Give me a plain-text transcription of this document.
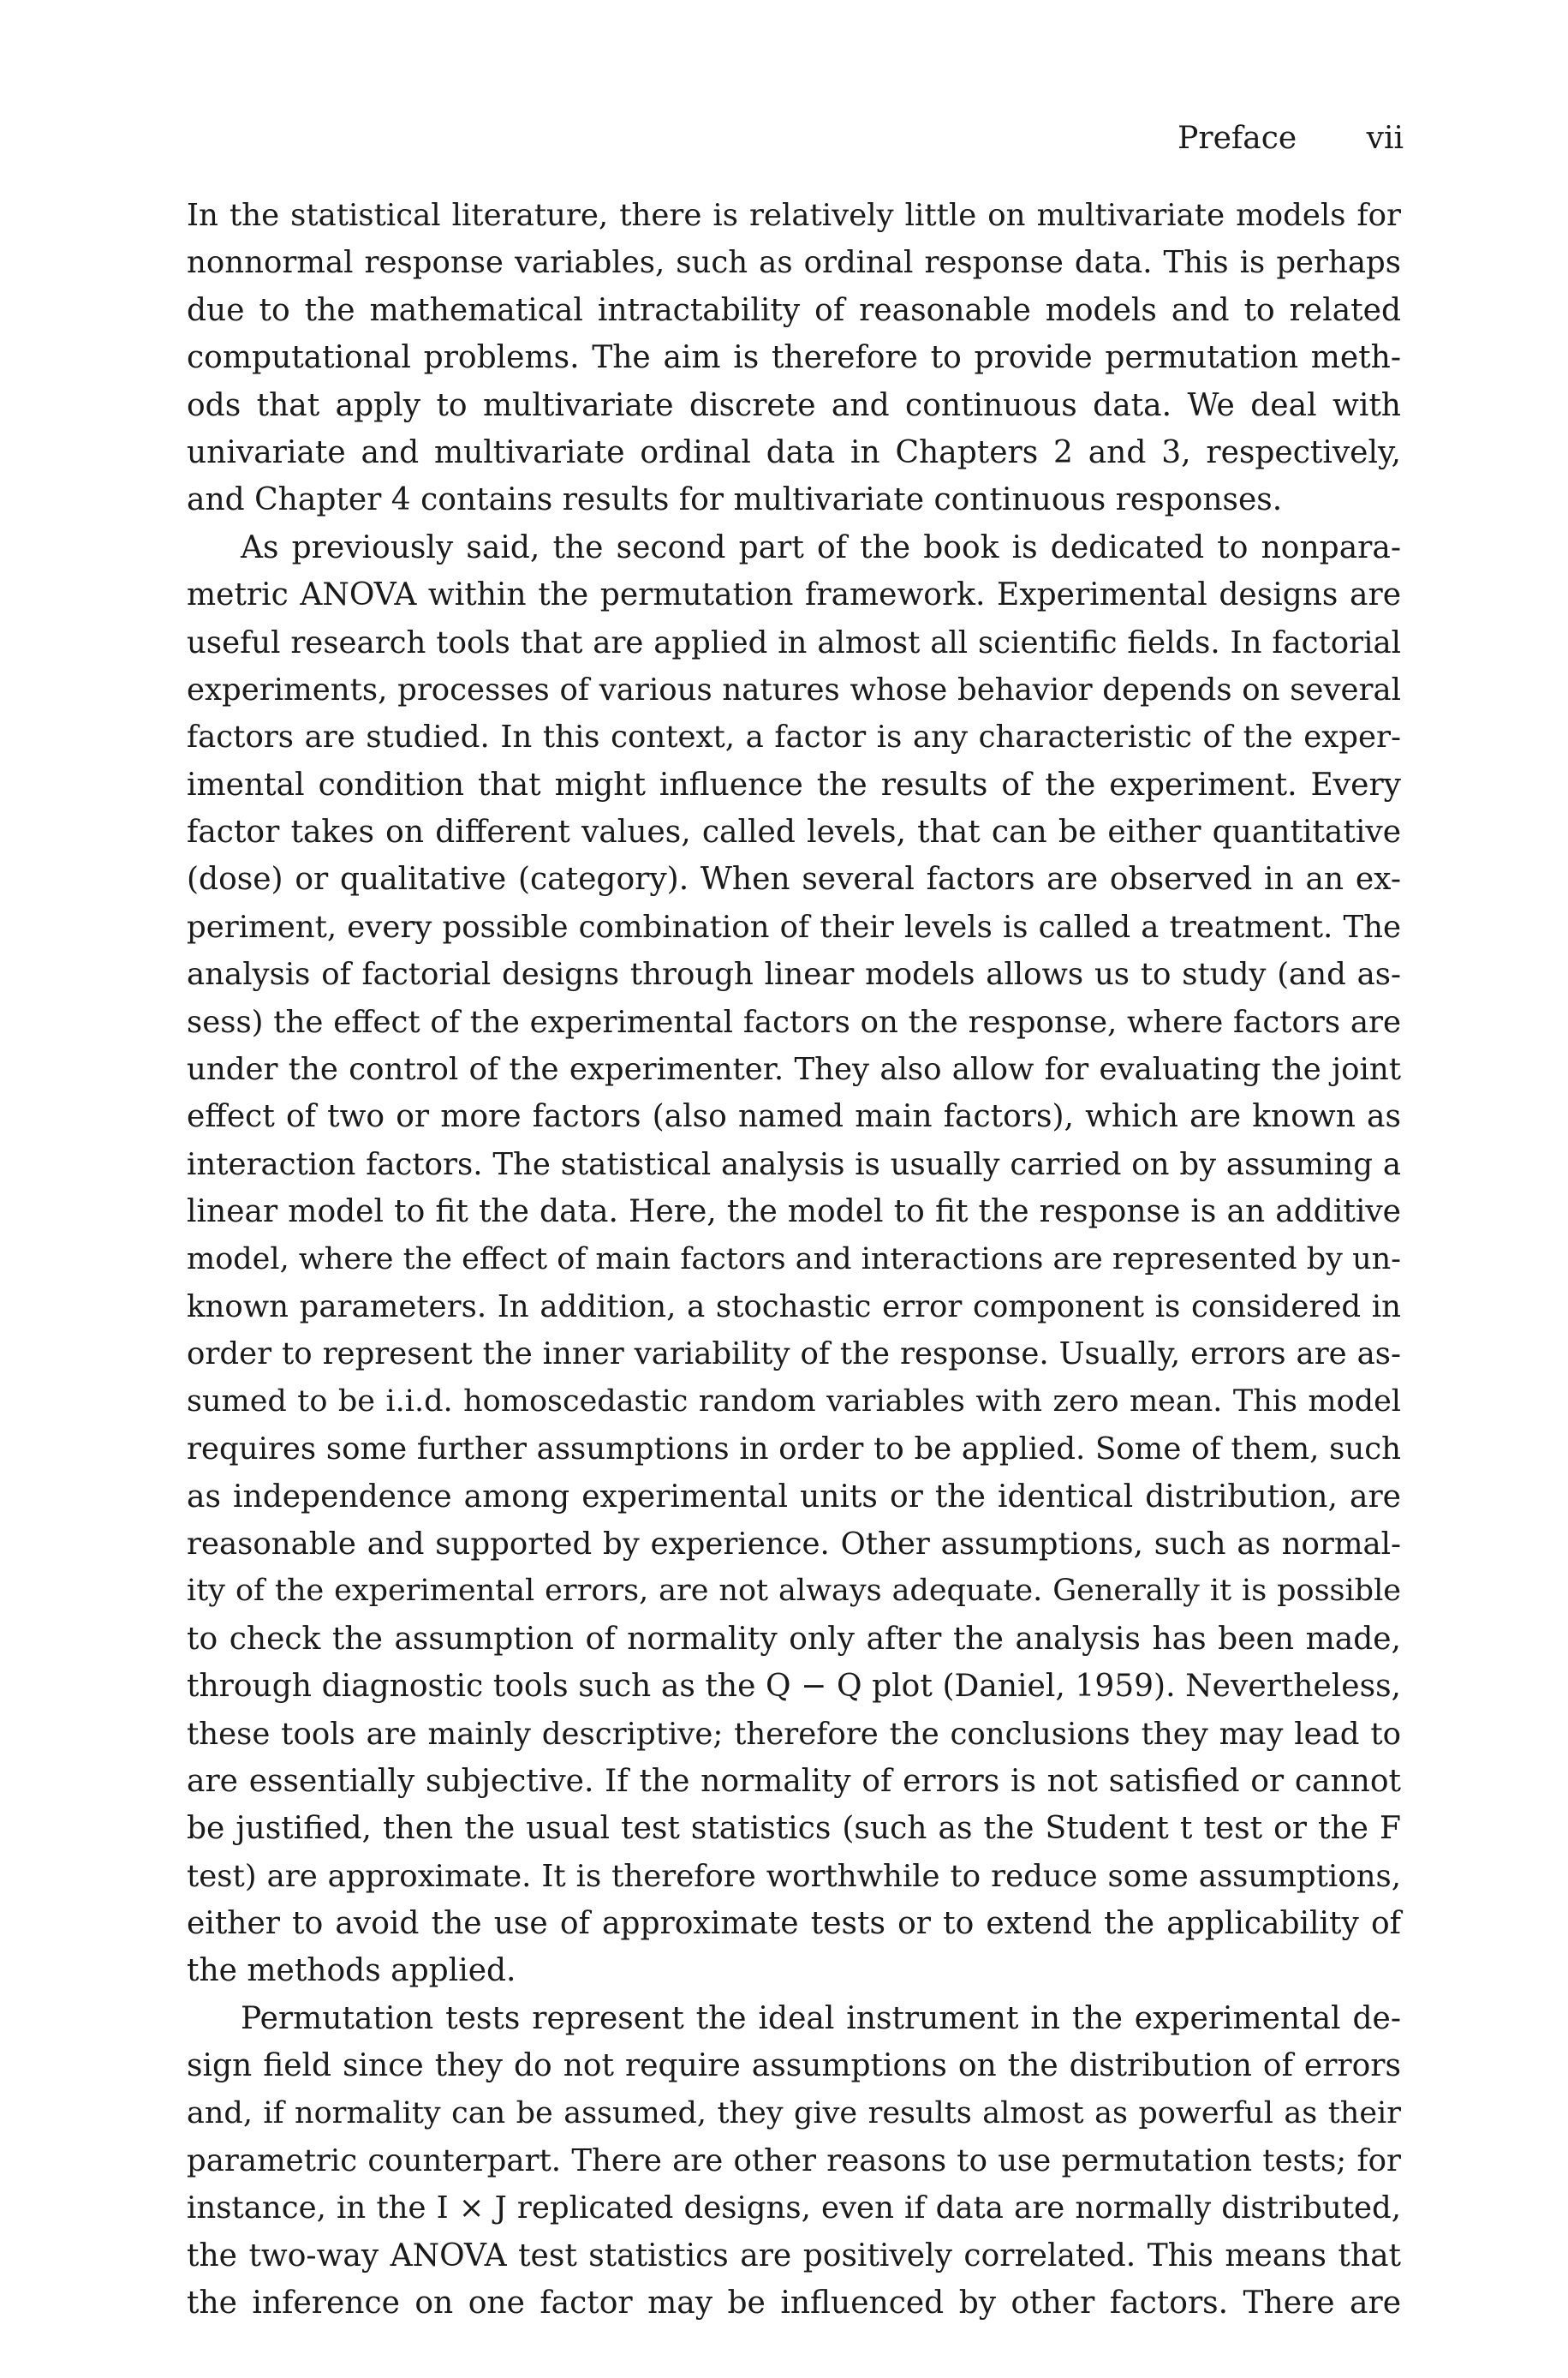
Preface vii
In the statistical literature, there is relatively little on multivariate models for
nonnormal response variables, such as ordinal response data. This is perhaps
due to the mathematical intractability of reasonable models and to related
computational problems. The aim is therefore to provide permutation meth-
ods that apply to multivariate discrete and continuous data. We deal with
univariate and multivariate ordinal data in Chapters 2 and 3, respectively,
and Chapter 4 contains results for multivariate continuous responses.
As previously said, the second part of the book is dedicated to nonpara-
metric ANOVA within the permutation framework. Experimental designs are
useful research tools that are applied in almost all scientific fields. In factorial
experiments, processes of various natures whose behavior depends on several
factors are studied. In this context, a factor is any characteristic of the exper-
imental condition that might influence the results of the experiment. Every
factor takes on different values, called levels, that can be either quantitative
(dose) or qualitative (category). When several factors are observed in an ex-
periment, every possible combination of their levels is called a treatment. The
analysis of factorial designs through linear models allows us to study (and as-
sess) the effect of the experimental factors on the response, where factors are
under the control of the experimenter. They also allow for evaluating the joint
effect of two or more factors (also named main factors), which are known as
interaction factors. The statistical analysis is usually carried on by assuming a
linear model to fit the data. Here, the model to fit the response is an additive
model, where the effect of main factors and interactions are represented by un-
known parameters. In addition, a stochastic error component is considered in
order to represent the inner variability of the response. Usually, errors are as-
sumed to be i.i.d. homoscedastic random variables with zero mean. This model
requires some further assumptions in order to be applied. Some of them, such
as independence among experimental units or the identical distribution, are
reasonable and supported by experience. Other assumptions, such as normal-
ity of the experimental errors, are not always adequate. Generally it is possible
to check the assumption of normality only after the analysis has been made,
through diagnostic tools such as the Q − Q plot (Daniel, 1959). Nevertheless,
these tools are mainly descriptive; therefore the conclusions they may lead to
are essentially subjective. If the normality of errors is not satisfied or cannot
be justified, then the usual test statistics (such as the Student t test or the F
test) are approximate. It is therefore worthwhile to reduce some assumptions,
either to avoid the use of approximate tests or to extend the applicability of
the methods applied.
Permutation tests represent the ideal instrument in the experimental de-
sign field since they do not require assumptions on the distribution of errors
and, if normality can be assumed, they give results almost as powerful as their
parametric counterpart. There are other reasons to use permutation tests; for
instance, in the I × J replicated designs, even if data are normally distributed,
the two-way ANOVA test statistics are positively correlated. This means that
the inference on one factor may be influenced by other factors. There are
